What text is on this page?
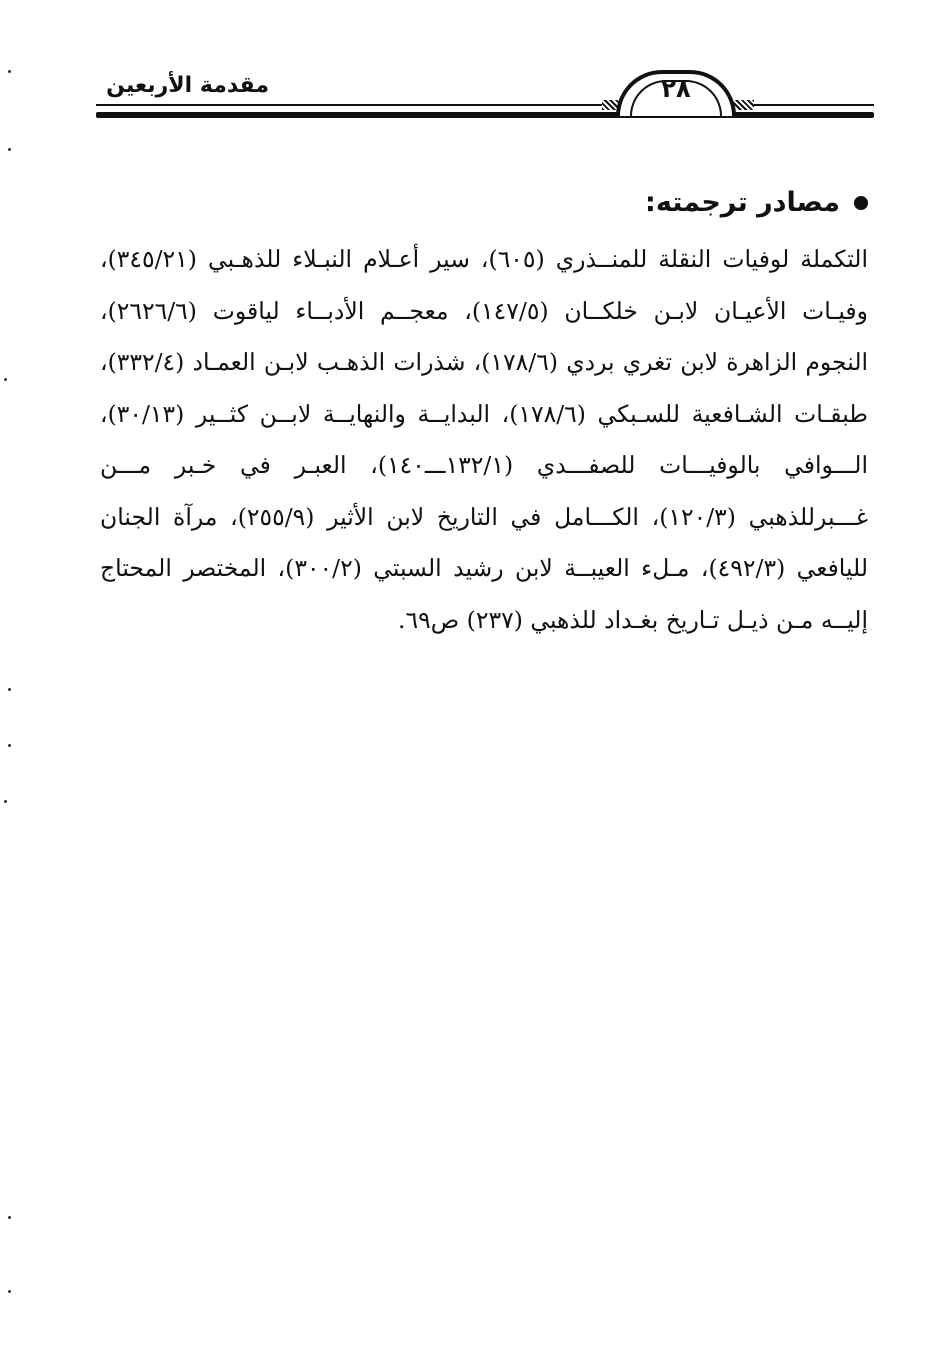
٢٨
مقدمة الأربعين
مصادر ترجمته:

التكملة لوفيات النقلة للمنــذري (٦٠٥)، سير أعـلام النبـلاء للذهـبي (٣٤٥/٢١)، وفيـات الأعيـان لابـن خلكــان (١٤٧/٥)، معجــم الأدبــاء لياقوت (٢٦٢٦/٦)، النجوم الزاهرة لابن تغري بردي (١٧٨/٦)، شذرات الذهـب لابـن العمـاد (٣٣٢/٤)، طبقـات الشـافعية للسـبكي (١٧٨/٦)، البدايــة والنهايــة لابــن كثــير (٣٠/١٣)، الـــوافي بالوفيـــات للصفـــدي (١٣٢/١ـــ١٤٠)، العبـر في خـبر مـــن غـــبرللذهبي (١٢٠/٣)، الكـــامل في التاريخ لابن الأثير (٢٥٥/٩)، مرآة الجنان لليافعي (٤٩٢/٣)، مـلء العيبــة لابن رشيد السبتي (٣٠٠/٢)، المختصر المحتاج إليــه مـن ذيـل تـاريخ بغـداد للذهبي (٢٣٧) ص٦٩.
